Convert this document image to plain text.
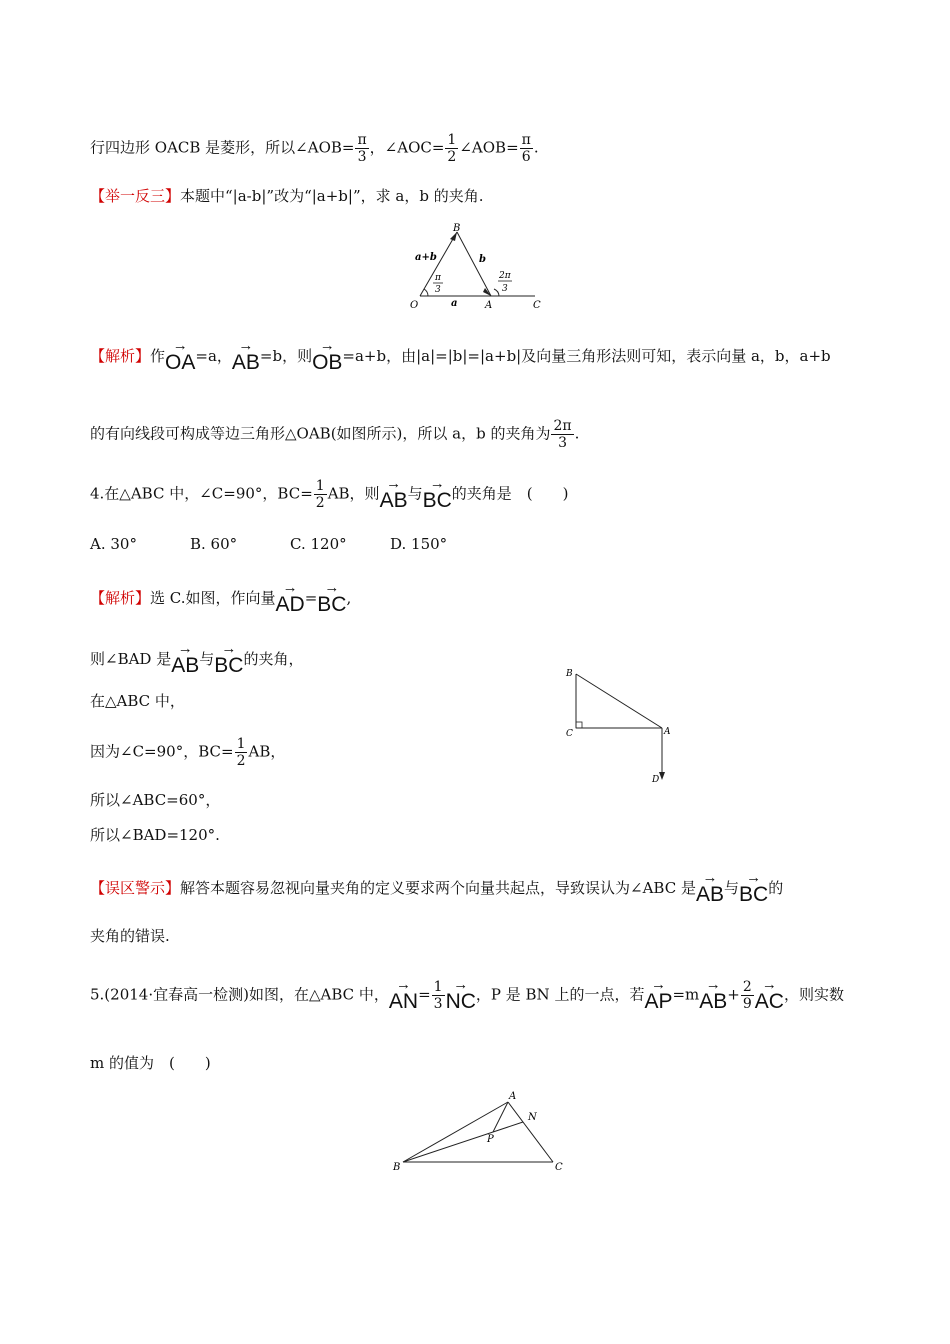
行四边形 OACB 是菱形，所以∠AOB= $\frac{\pi}{3}$ ，∠AOC= $\frac{1}{2}$ ∠AOB= $\frac{\pi}{6}$ .
【举一反三】本题中“|a-b|”改为“|a+b|”，求 a，b 的夹角.
B
O	A	C
a+b	b
a
π
3
2π
3
【解析】作
→
OA=a，
→
AB=b，则
→
OB=a+b，由|a|=|b|=|a+b|及向量三角形法则可知，表示向量 a，b，a+b
的有向线段可构成等边三角形△OAB(如图所示)，所以 a，b 的夹角为 $\frac{2\pi}{3}$ .
4.在△ABC 中，∠C=90°，$BC= \frac{1}{2}$ AB，则
→
AB与
→
BC的夹角是　(　　)
A. 30°	B. 60°	C. 120°	D. 150°
【解析】选 C.如图，作向量
→
AD=
→
BC,
则∠BAD 是
→
AB与
→
BC的夹角，
在△ABC 中，
因为∠C=90°，$BC= \frac{1}{2}$ AB，
所以∠ABC=60°，
所以∠BAD=120°.
B
C	A
D
【误区警示】解答本题容易忽视向量夹角的定义要求两个向量共起点，导致误认为∠ABC 是
→
AB与
→
BC的
夹角的错误.
5.(2014·宜春高一检测)如图，在△ABC 中，
→
$AN= \frac{1}{3}$ →
NC，P 是 BN 上的一点，若
→
AP=m
→
$AB+ \frac{2}{9}$ →
AC，则实数
m 的值为　(　　)
A
N
P
B	C
